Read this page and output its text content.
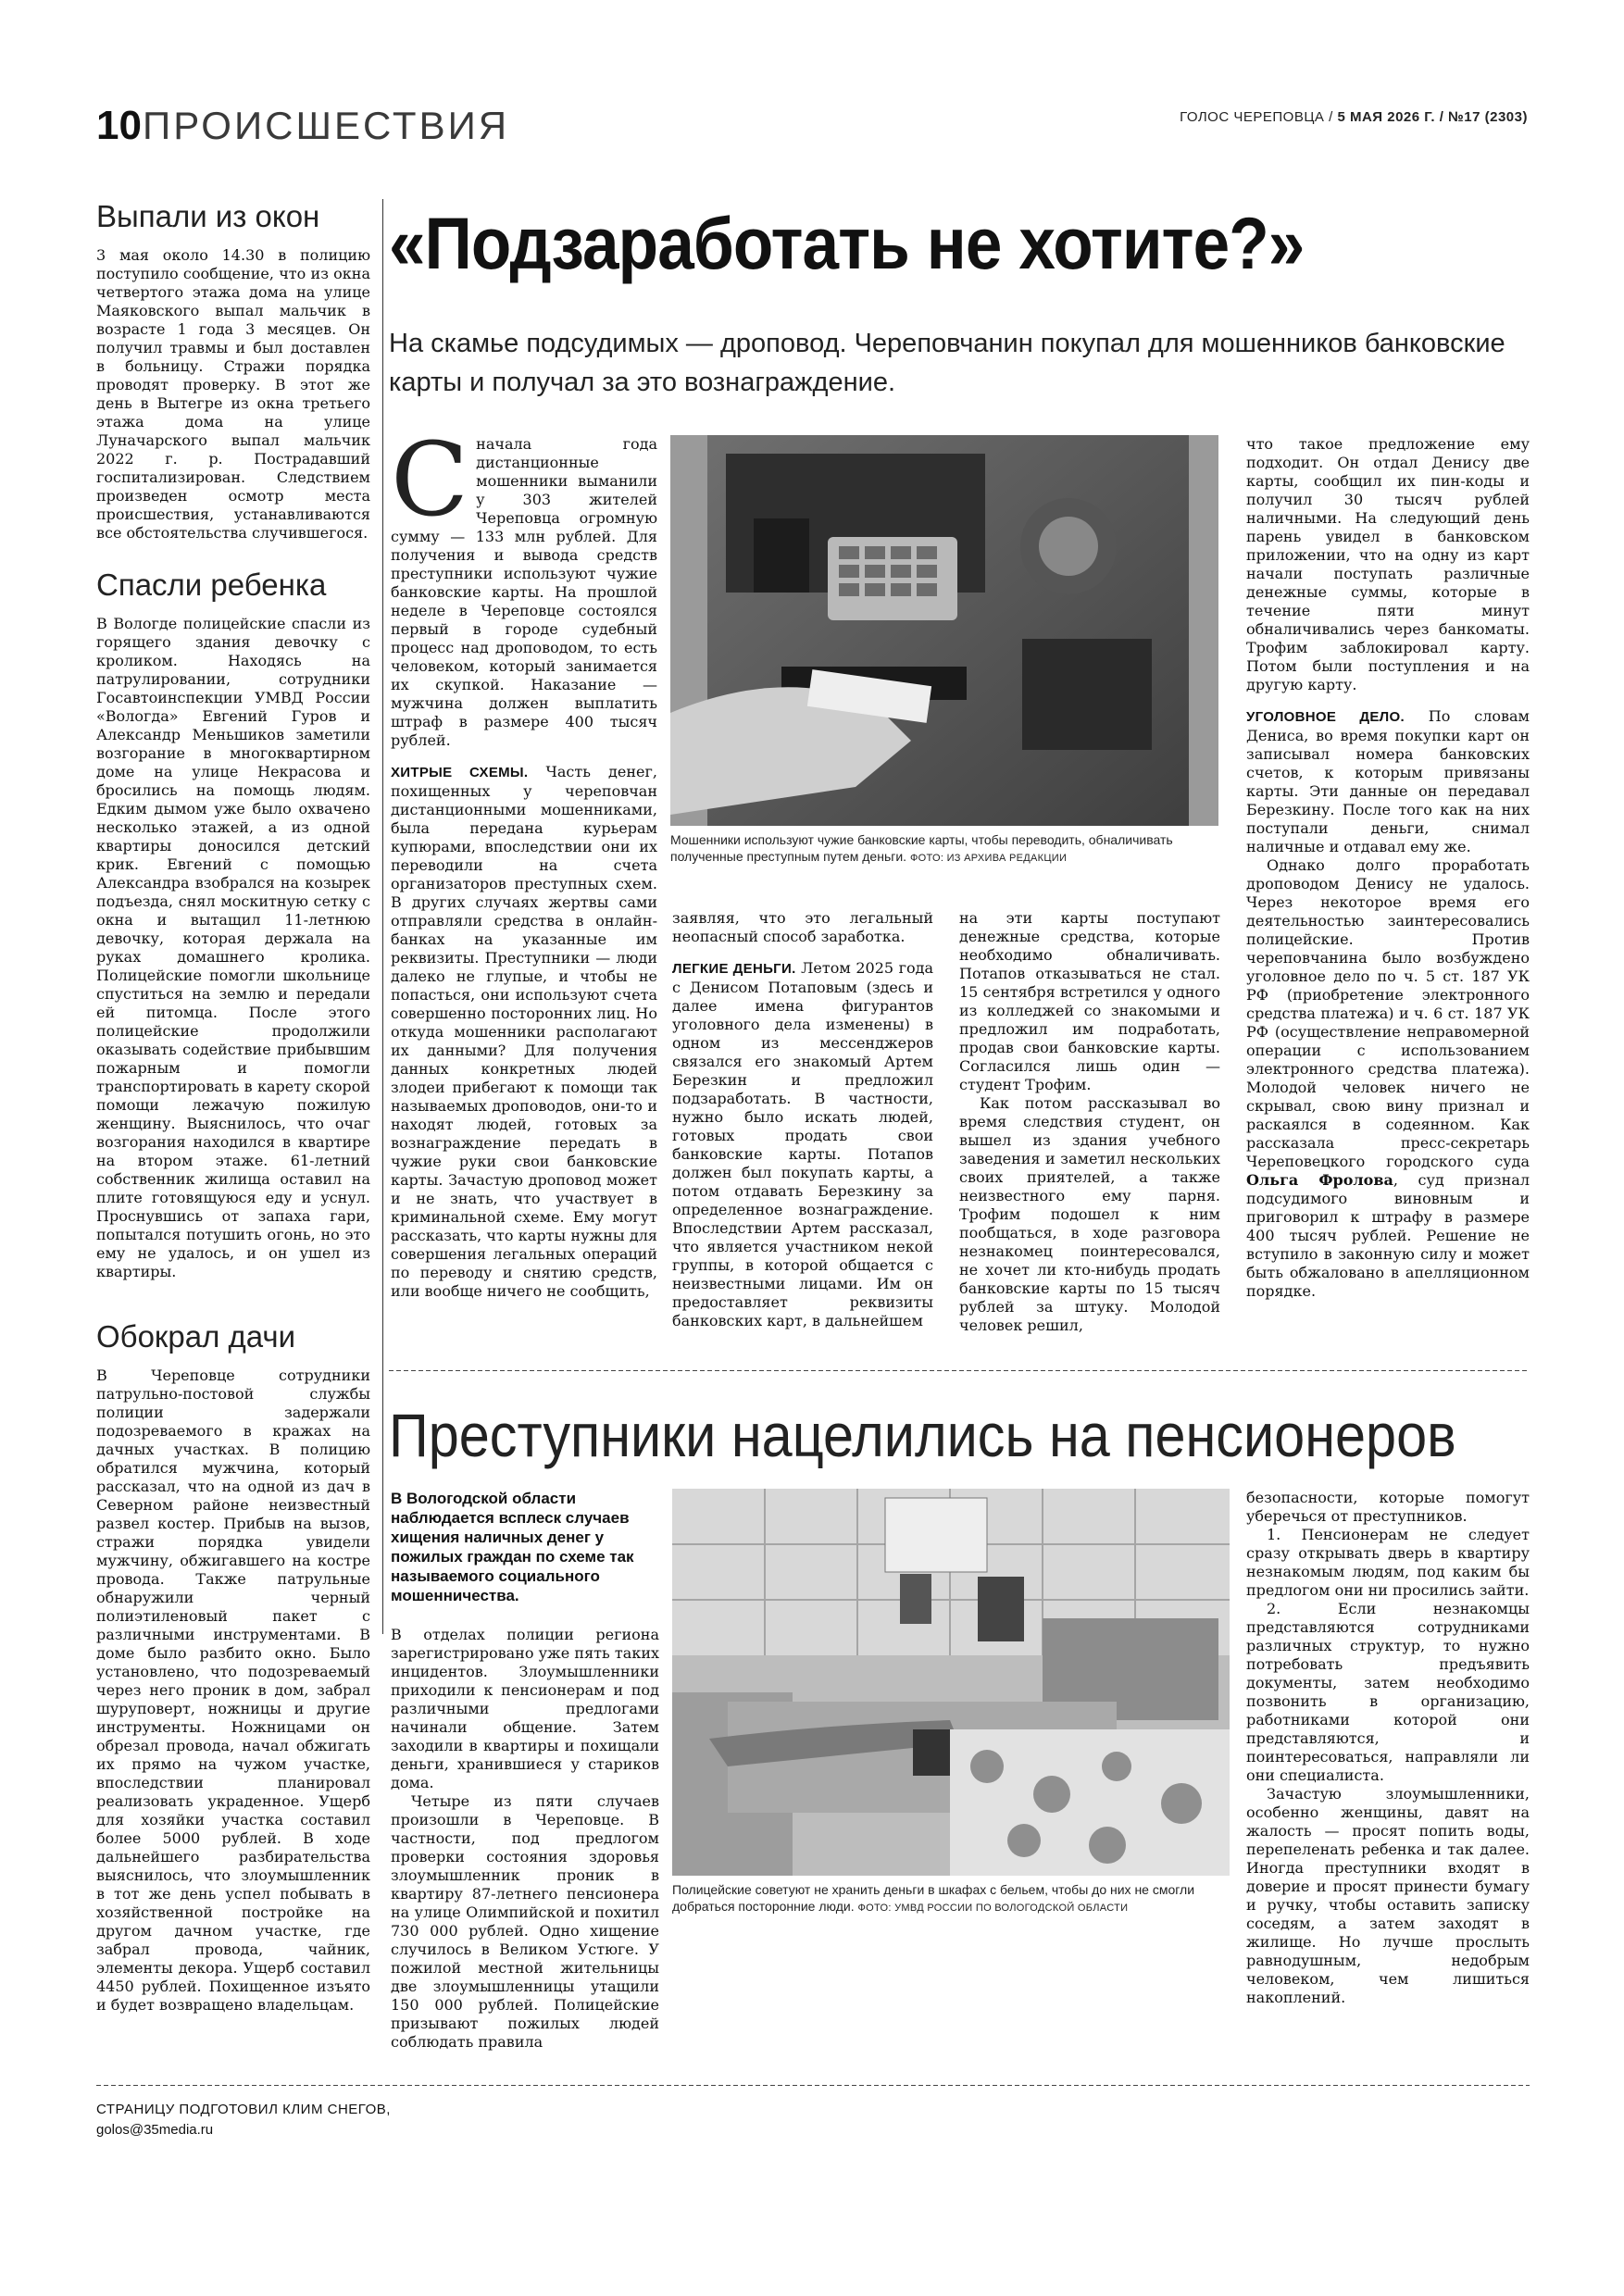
10 ПРОИСШЕСТВИЯ	ГОЛОС ЧЕРЕПОВЦА / 5 МАЯ 2026 Г. / №17 (2303)
Выпали из окон
3 мая около 14.30 в полицию поступило сообщение, что из окна четвертого этажа дома на улице Маяковского выпал мальчик в возрасте 1 года 3 месяцев. Он получил травмы и был доставлен в больницу. Стражи порядка проводят проверку. В этот же день в Вытегре из окна третьего этажа дома на улице Луначарского выпал мальчик 2022 г. р. Пострадавший госпитализирован. Следствием произведен осмотр места происшествия, устанавливаются все обстоятельства случившегося.
Спасли ребенка
В Вологде полицейские спасли из горящего здания девочку с кроликом. Находясь на патрулировании, сотрудники Госавтоинспекции УМВД России «Вологда» Евгений Гуров и Александр Меньшиков заметили возгорание в многоквартирном доме на улице Некрасова и бросились на помощь людям. Едким дымом уже было охвачено несколько этажей, а из одной квартиры доносился детский крик. Евгений с помощью Александра взобрался на козырек подъезда, снял москитную сетку с окна и вытащил 11-летнюю девочку, которая держала на руках домашнего кролика. Полицейские помогли школьнице спуститься на землю и передали ей питомца. После этого полицейские продолжили оказывать содействие прибывшим пожарным и помогли транспортировать в карету скорой помощи лежачую пожилую женщину. Выяснилось, что очаг возгорания находился в квартире на втором этаже. 61-летний собственник жилища оставил на плите готовящуюся еду и уснул. Проснувшись от запаха гари, попытался потушить огонь, но это ему не удалось, и он ушел из квартиры.
Обокрал дачи
В Череповце сотрудники патрульно-постовой службы полиции задержали подозреваемого в кражах на дачных участках. В полицию обратился мужчина, который рассказал, что на одной из дач в Северном районе неизвестный развел костер. Прибыв на вызов, стражи порядка увидели мужчину, обжигавшего на костре провода. Также патрульные обнаружили черный полиэтиленовый пакет с различными инструментами. В доме было разбито окно. Было установлено, что подозреваемый через него проник в дом, забрал шуруповерт, ножницы и другие инструменты. Ножницами он обрезал провода, начал обжигать их прямо на чужом участке, впоследствии планировал реализовать украденное. Ущерб для хозяйки участка составил более 5000 рублей. В ходе дальнейшего разбирательства выяснилось, что злоумышленник в тот же день успел побывать в хозяйственной постройке на другом дачном участке, где забрал провода, чайник, элементы декора. Ущерб составил 4450 рублей. Похищенное изъято и будет возвращено владельцам.
«Подзаработать не хотите?»
На скамье подсудимых — дроповод. Череповчанин покупал для мошенников банковские карты и получал за это вознаграждение.

Сначала года дистанционные мошенники выманили у 303 жителей Череповца огромную сумму — 133 млн рублей. Для получения и вывода средств преступники используют чужие банковские карты. На прошлой неделе в Череповце состоялся первый в городе судебный процесс над дроповодом, то есть человеком, который занимается их скупкой. Наказание — мужчина должен выплатить штраф в размере 400 тысяч рублей.

ХИТРЫЕ СХЕМЫ. Часть денег, похищенных у череповчан дистанционными мошенниками, была передана курьерам купюрами, впоследствии они их переводили на счета организаторов преступных схем. В других случаях жертвы сами отправляли средства в онлайн-банках на указанные им реквизиты. Преступники — люди далеко не глупые, и чтобы не попасться, они используют счета совершенно посторонних лиц. Но откуда мошенники располагают их данными? Для получения данных конкретных людей злодеи прибегают к помощи так называемых дроповодов, они-то и находят людей, готовых за вознаграждение передать в чужие руки свои банковские карты. Зачастую дроповод может и не знать, что участвует в криминальной схеме. Ему могут рассказать, что карты нужны для совершения легальных операций по переводу и снятию средств, или вообще ничего не сообщить,

Мошенники используют чужие банковские карты, чтобы переводить, обналичивать полученные преступным путем деньги. ФОТО: ИЗ АРХИВА РЕДАКЦИИ

заявляя, что это легальный неопасный способ заработка.

ЛЕГКИЕ ДЕНЬГИ. Летом 2025 года с Денисом Потаповым (здесь и далее имена фигурантов уголовного дела изменены) в одном из мессенджеров связался его знакомый Артем Березкин и предложил подзаработать. В частности, нужно было искать людей, готовых продать свои банковские карты. Потапов должен был покупать карты, а потом отдавать Березкину за определенное вознаграждение. Впоследствии Артем рассказал, что является участником некой группы, в которой общается с неизвестными лицами. Им он предоставляет реквизиты банковских карт, в дальнейшем

на эти карты поступают денежные средства, которые необходимо обналичивать. Потапов отказываться не стал. 15 сентября встретился у одного из колледжей со знакомыми и предложил им подработать, продав свои банковские карты. Согласился лишь один — студент Трофим.

Как потом рассказывал во время следствия студент, он вышел из здания учебного заведения и заметил нескольких своих приятелей, а также неизвестного ему парня. Трофим подошел к ним пообщаться, в ходе разговора незнакомец поинтересовался, не хочет ли кто-нибудь продать банковские карты по 15 тысяч рублей за штуку. Молодой человек решил,

что такое предложение ему подходит. Он отдал Денису две карты, сообщил их пин-коды и получил 30 тысяч рублей наличными. На следующий день парень увидел в банковском приложении, что на одну из карт начали поступать различные денежные суммы, которые в течение пяти минут обналичивались через банкоматы. Трофим заблокировал карту. Потом были поступления и на другую карту.

УГОЛОВНОЕ ДЕЛО. По словам Дениса, во время покупки карт он записывал номера банковских счетов, к которым привязаны карты. Эти данные он передавал Березкину. После того как на них поступали деньги, снимал наличные и отдавал ему же.

Однако долго проработать дроповодом Денису не удалось. Через некоторое время его деятельностью заинтересовались полицейские. Против череповчанина было возбуждено уголовное дело по ч. 5 ст. 187 УК РФ (приобретение электронного средства платежа) и ч. 6 ст. 187 УК РФ (осуществление неправомерной операции с использованием электронного средства платежа). Молодой человек ничего не скрывал, свою вину признал и раскаялся в содеянном. Как рассказала пресс-секретарь Череповецкого городского суда Ольга Фролова, суд признал подсудимого виновным и приговорил к штрафу в размере 400 тысяч рублей. Решение не вступило в законную силу и может быть обжаловано в апелляционном порядке.

Преступники нацелились на пенсионеров
В Вологодской области наблюдается всплеск случаев хищения наличных денег у пожилых граждан по схеме так называемого социального мошенничества.

В отделах полиции региона зарегистрировано уже пять таких инцидентов. Злоумышленники приходили к пенсионерам и под различными предлогами начинали общение. Затем заходили в квартиры и похищали деньги, хранившиеся у стариков дома.

Четыре из пяти случаев произошли в Череповце. В частности, под предлогом проверки состояния здоровья злоумышленник проник в квартиру 87-летнего пенсионера на улице Олимпийской и похитил 730 000 рублей. Одно хищение случилось в Великом Устюге. У пожилой местной жительницы две злоумышленницы утащили 150 000 рублей. Полицейские призывают пожилых людей соблюдать правила

Полицейские советуют не хранить деньги в шкафах с бельем, чтобы до них не смогли добраться посторонние люди. ФОТО: УМВД РОССИИ ПО ВОЛОГОДСКОЙ ОБЛАСТИ

безопасности, которые помогут уберечься от преступников.

1. Пенсионерам не следует сразу открывать дверь в квартиру незнакомым людям, под каким бы предлогом они ни просились зайти.

2. Если незнакомцы представляются сотрудниками различных структур, то нужно потребовать предъявить документы, затем необходимо позвонить в организацию, работниками которой они представляются, и поинтересоваться, направляли ли они специалиста.

Зачастую злоумышленники, особенно женщины, давят на жалость — просят попить воды, перепеленать ребенка и так далее. Иногда преступники входят в доверие и просят принести бумагу и ручку, чтобы оставить записку соседям, а затем заходят в жилище. Но лучше прослыть равнодушным, недобрым человеком, чем лишиться накоплений.

СТРАНИЦУ ПОДГОТОВИЛ КЛИМ СНЕГОВ,
golos@35media.ru
